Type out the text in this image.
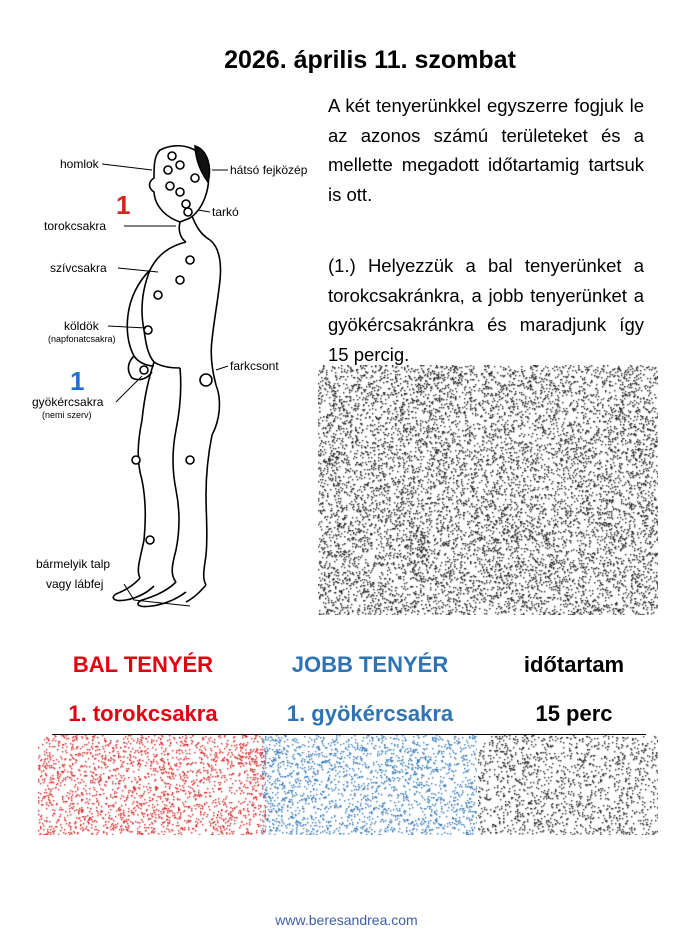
2026. április 11. szombat
A két tenyerünkkel egyszerre fogjuk le az azonos számú területeket és a mellette megadott időtartamig tartsuk is ott.
(1.) Helyezzük a bal tenyerünket a torokcsakránkra, a jobb tenyerünket a gyökércsakránkra és maradjunk így 15 percig.
homlok	hátsó fejközép
tarkó
1
torokcsakra
szívcsakra
köldök
(napfonatcsakra)
farkcsont
1
gyökércsakra
(nemi szerv)
bármelyik talp
vagy lábfej
BAL TENYÉR	JOBB TENYÉR	időtartam
1. torokcsakra	1. gyökércsakra	15 perc
www.beresandrea.com
